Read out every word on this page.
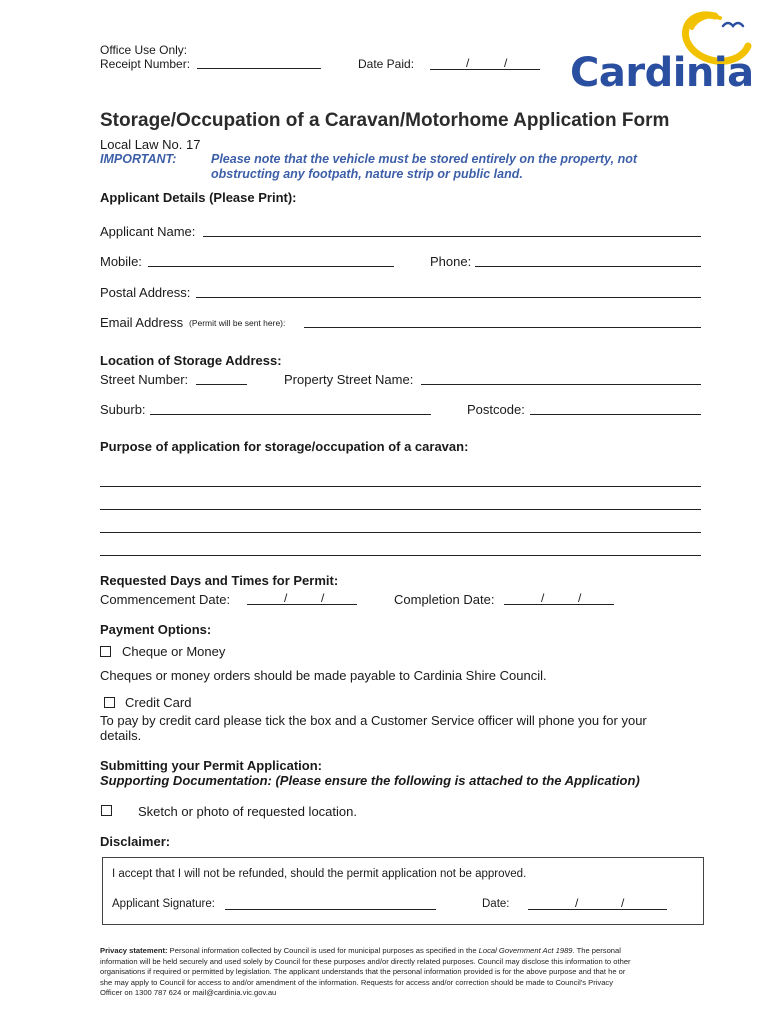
Office Use Only:
Receipt Number:	Date Paid:	/	/ Cardinia
Storage/Occupation of a Caravan/Motorhome Application Form
Local Law No. 17
IMPORTANT:	Please note that the vehicle must be stored entirely on the property, not
obstructing any footpath, nature strip or public land.
Applicant Details (Please Print):
Applicant Name:
Mobile:	Phone:
Postal Address:
Email Address (Permit will be sent here):
Location of Storage Address:
Street Number:	Property Street Name:
Suburb:	Postcode:
Purpose of application for storage/occupation of a caravan:
Requested Days and Times for Permit:
Commencement Date:	/	/	Completion Date:	/	/
Payment Options:
Cheque or Money
Cheques or money orders should be made payable to Cardinia Shire Council.
Credit Card
To pay by credit card please tick the box and a Customer Service officer will phone you for your
details.
Submitting your Permit Application:
Supporting Documentation: (Please ensure the following is attached to the Application)
Sketch or photo of requested location.
Disclaimer:
I accept that I will not be refunded, should the permit application not be approved.
Applicant Signature:	Date:	/	/
Privacy statement: Personal information collected by Council is used for municipal purposes as specified in the Local Government Act 1989. The personal
information will be held securely and used solely by Council for these purposes and/or directly related purposes. Council may disclose this information to other
organisations if required or permitted by legislation. The applicant understands that the personal information provided is for the above purpose and that he or
she may apply to Council for access to and/or amendment of the information. Requests for access and/or correction should be made to Council's Privacy
Officer on 1300 787 624 or mail@cardinia.vic.gov.au
